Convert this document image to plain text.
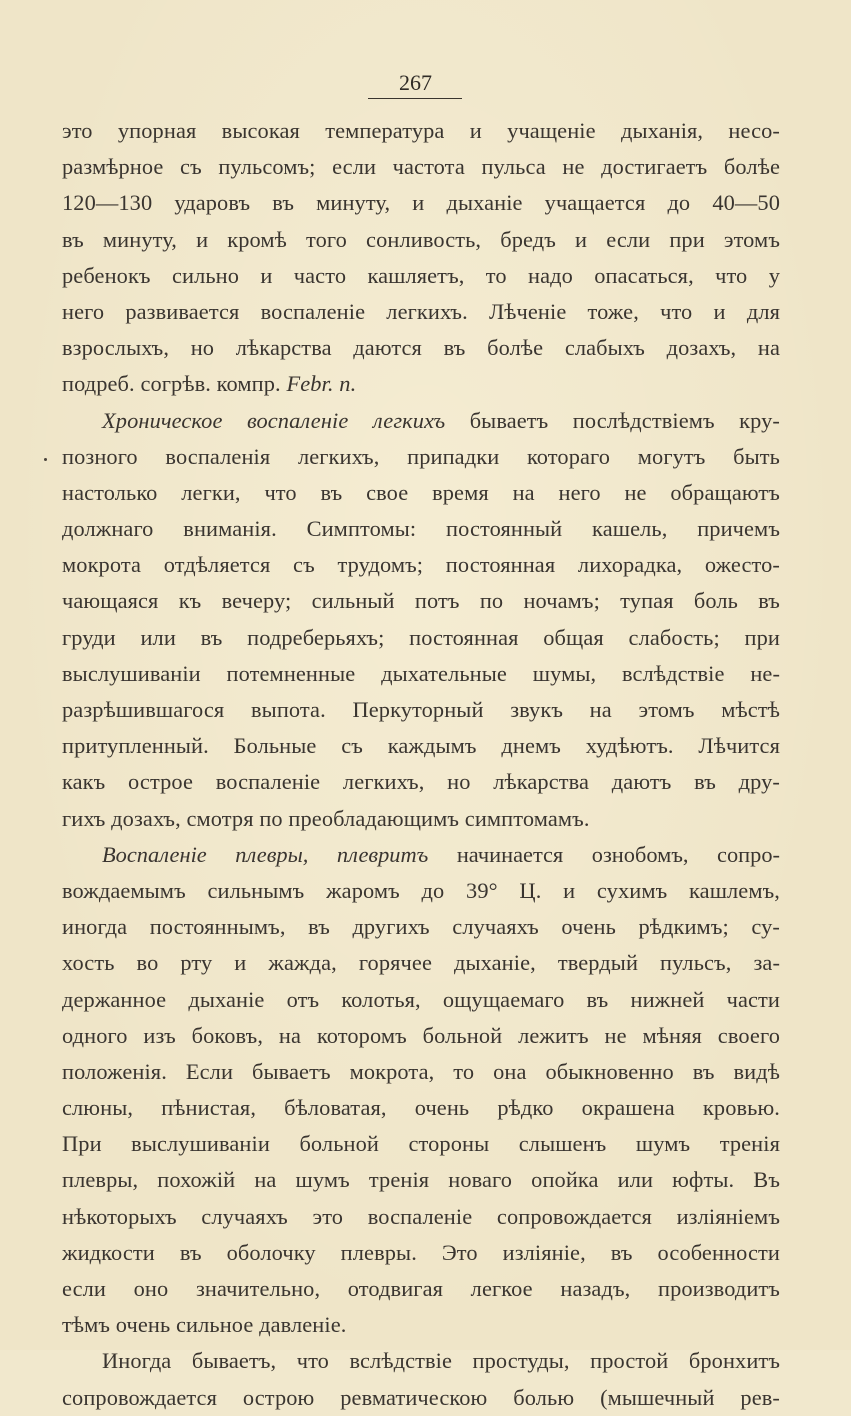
267
это упорная высокая температура и учащеніе дыханія, несо-
размѣрное съ пульсомъ; если частота пульса не достигаетъ болѣе
120—130 ударовъ въ минуту, и дыханіе учащается до 40—50
въ минуту, и кромѣ того сонливость, бредъ и если при этомъ
ребенокъ сильно и часто кашляетъ, то надо опасаться, что у
него развивается воспаленіе легкихъ. Лѣченіе тоже, что и для
взрослыхъ, но лѣкарства даются въ болѣе слабыхъ дозахъ, на
подреб. согрѣв. компр. Febr. n.
Хроническое воспаленіе легкихъ бываетъ послѣдствіемъ кру-
позного воспаленія легкихъ, припадки котораго могутъ быть
настолько легки, что въ свое время на него не обращаютъ
должнаго вниманія. Симптомы: постоянный кашель, причемъ
мокрота отдѣляется съ трудомъ; постоянная лихорадка, ожесто-
чающаяся къ вечеру; сильный потъ по ночамъ; тупая боль въ
груди или въ подреберьяхъ; постоянная общая слабость; при
выслушиваніи потемненные дыхательные шумы, вслѣдствіе не-
разрѣшившагося выпота. Перкуторный звукъ на этомъ мѣстѣ
притупленный. Больные съ каждымъ днемъ худѣютъ. Лѣчится
какъ острое воспаленіе легкихъ, но лѣкарства даютъ въ дру-
гихъ дозахъ, смотря по преобладающимъ симптомамъ.
Воспаленіе плевры, плевритъ начинается ознобомъ, сопро-
вождаемымъ сильнымъ жаромъ до 39° Ц. и сухимъ кашлемъ,
иногда постояннымъ, въ другихъ случаяхъ очень рѣдкимъ; су-
хость во рту и жажда, горячее дыханіе, твердый пульсъ, за-
держанное дыханіе отъ колотья, ощущаемаго въ нижней части
одного изъ боковъ, на которомъ больной лежитъ не мѣняя своего
положенія. Если бываетъ мокрота, то она обыкновенно въ видѣ
слюны, пѣнистая, бѣловатая, очень рѣдко окрашена кровью.
При выслушиваніи больной стороны слышенъ шумъ тренія
плевры, похожій на шумъ тренія новаго опойка или юфты. Въ
нѣкоторыхъ случаяхъ это воспаленіе сопровождается изліяніемъ
жидкости въ оболочку плевры. Это изліяніе, въ особенности
если оно значительно, отодвигая легкое назадъ, производитъ
тѣмъ очень сильное давленіе.
Иногда бываетъ, что вслѣдствіе простуды, простой бронхитъ
сопровождается острою ревматическою болью (мышечный рев-
